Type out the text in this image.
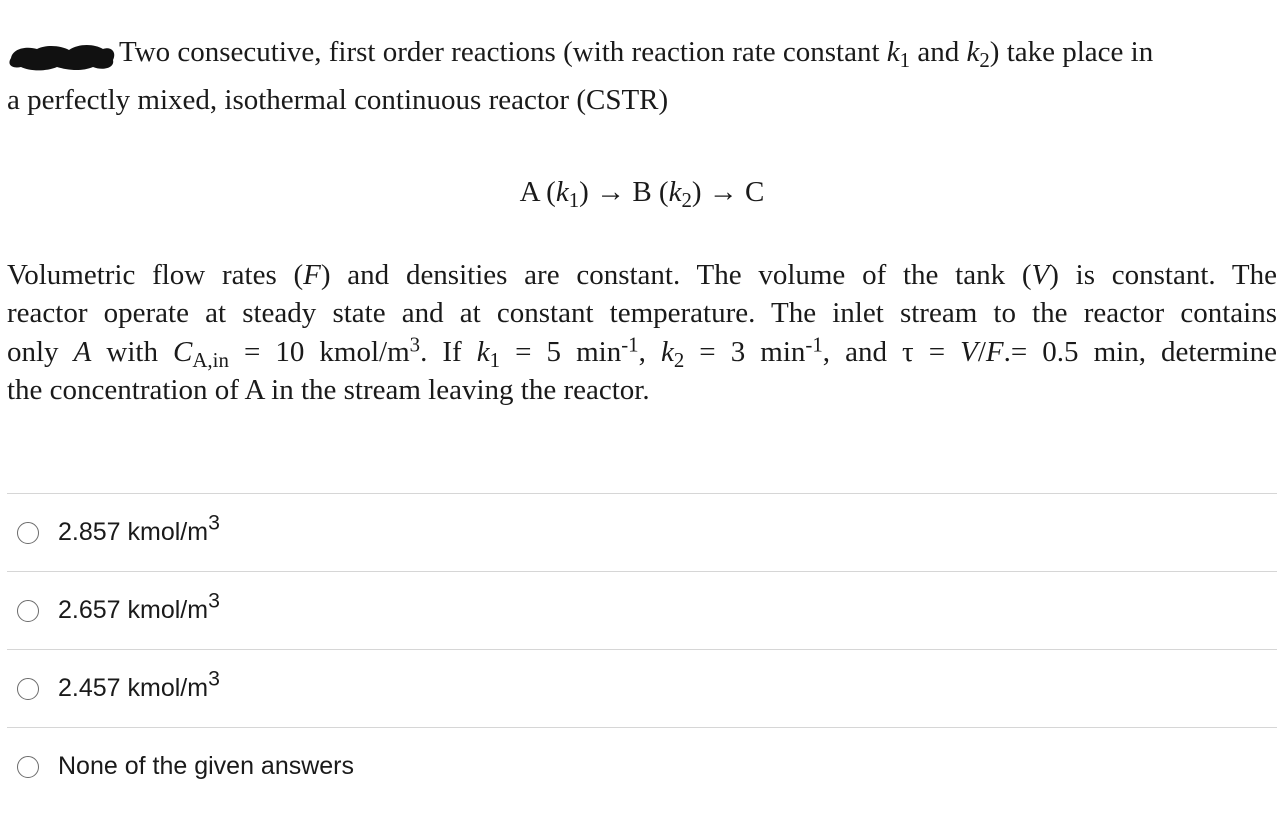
Two consecutive, first order reactions (with reaction rate constant $k_1$ and $k_2$) take place in
a perfectly mixed, isothermal continuous reactor (CSTR)
A $(k_1) \to B$ $(k_2) \to C$
Volumetric flow rates (F) and densities are constant. The volume of the tank (V) is constant. The
reactor operate at steady state and at constant temperature. The inlet stream to the reactor contains
only A with $C_{A,in} = 10$ kmol/$m^3$. If $k_1 = 5$ $\min^{-1}$, $k_2 = 3$ $\min^{-1}$, and τ = V/F.= 0.5 min, determine
the concentration of A in the stream leaving the reactor.
2.857 kmol/$m^3$
2.657 kmol/$m^3$
2.457 kmol/$m^3$
None of the given answers
